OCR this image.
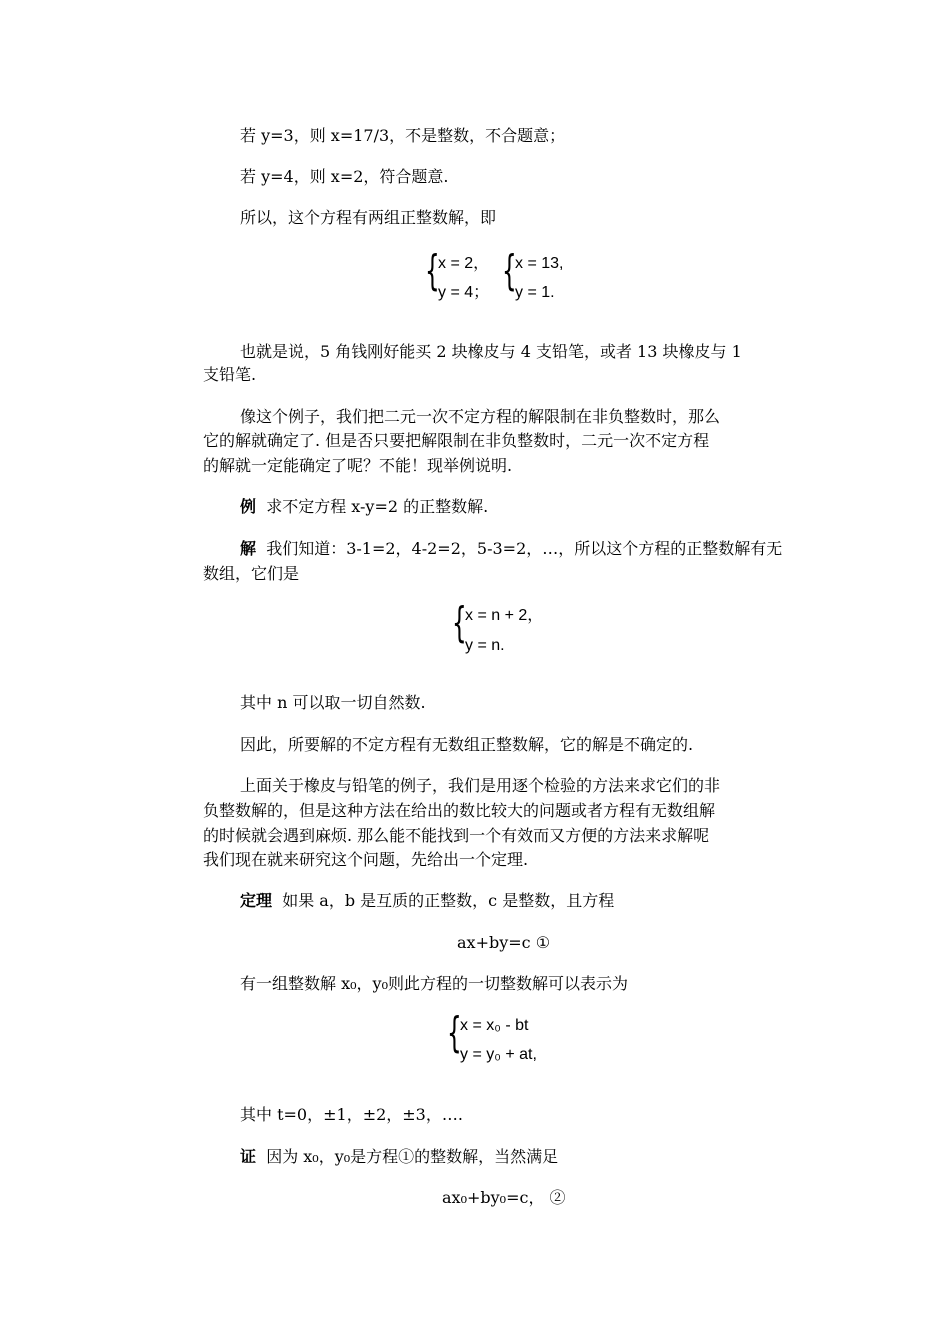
若 y=3，则 x=17/3，不是整数，不合题意；
若 y=4，则 x=2，符合题意.
所以，这个方程有两组正整数解，即
{
x = 2，
y = 4； {
x = 13,
y = 1.
也就是说，5 角钱刚好能买 2 块橡皮与 4 支铅笔，或者 13 块橡皮与 1
支铅笔.
像这个例子，我们把二元一次不定方程的解限制在非负整数时，那么
它的解就确定了. 但是否只要把解限制在非负整数时，二元一次不定方程
的解就一定能确定了呢？不能！现举例说明.
例 求不定方程 x-y=2 的正整数解.
解 我们知道：3-1=2，4-2=2，5-3=2，…，所以这个方程的正整数解有无
数组，它们是
{
x = n + 2，
y = n.
其中 n 可以取一切自然数.
因此，所要解的不定方程有无数组正整数解，它的解是不确定的.
上面关于橡皮与铅笔的例子，我们是用逐个检验的方法来求它们的非
负整数解的，但是这种方法在给出的数比较大的问题或者方程有无数组解
的时候就会遇到麻烦. 那么能不能找到一个有效而又方便的方法来求解呢
我们现在就来研究这个问题，先给出一个定理.
定理 如果 a，b 是互质的正整数，c 是整数，且方程
ax+by=c ①
有一组整数解 x₀，y₀则此方程的一切整数解可以表示为
{
x = x₀ - bt
y = y₀ + at,
其中 t=0，±1，±2，±3，….
证 因为 x₀，y₀是方程①的整数解，当然满足
ax₀+by₀=c， ②
